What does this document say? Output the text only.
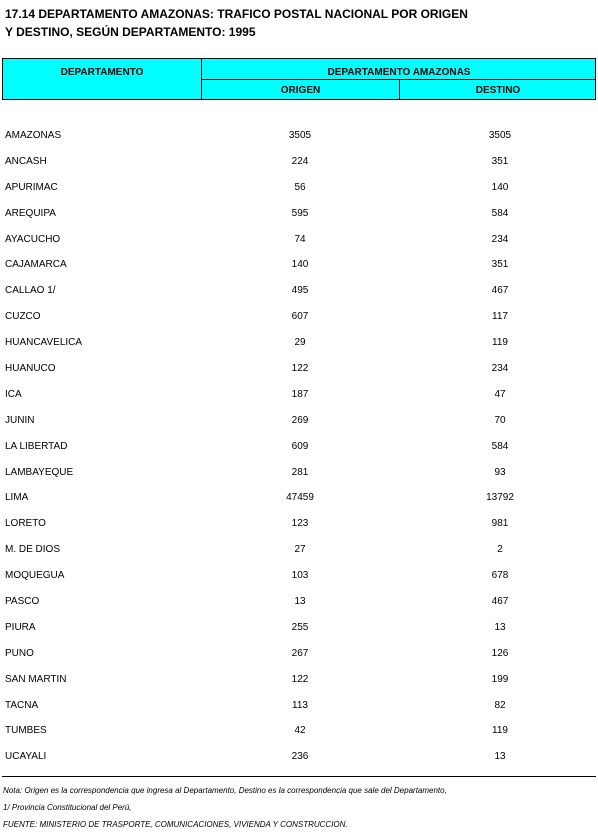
17.14 DEPARTAMENTO AMAZONAS: TRAFICO POSTAL NACIONAL POR ORIGEN
Y DESTINO, SEGÚN DEPARTAMENTO: 1995
DEPARTAMENTO	DEPARTAMENTO AMAZONAS
ORIGEN	DESTINO
AMAZONAS	3505	3505
ANCASH	224	351
APURIMAC	56	140
AREQUIPA	595	584
AYACUCHO	74	234
CAJAMARCA	140	351
CALLAO 1/	495	467
CUZCO	607	117
HUANCAVELICA	29	119
HUANUCO	122	234
ICA	187	47
JUNIN	269	70
LA LIBERTAD	609	584
LAMBAYEQUE	281	93
LIMA	47459	13792
LORETO	123	981
M. DE DIOS	27	2
MOQUEGUA	103	678
PASCO	13	467
PIURA	255	13
PUNO	267	126
SAN MARTIN	122	199
TACNA	113	82
TUMBES	42	119
UCAYALI	236	13
Nota: Origen es la correspondencia que ingresa al Departamento, Destino es la correspondencia que sale del Departamento,
1/ Provincia Constitucional del Perú,
FUENTE: MINISTERIO DE TRASPORTE, COMUNICACIONES, VIVIENDA Y CONSTRUCCION.
